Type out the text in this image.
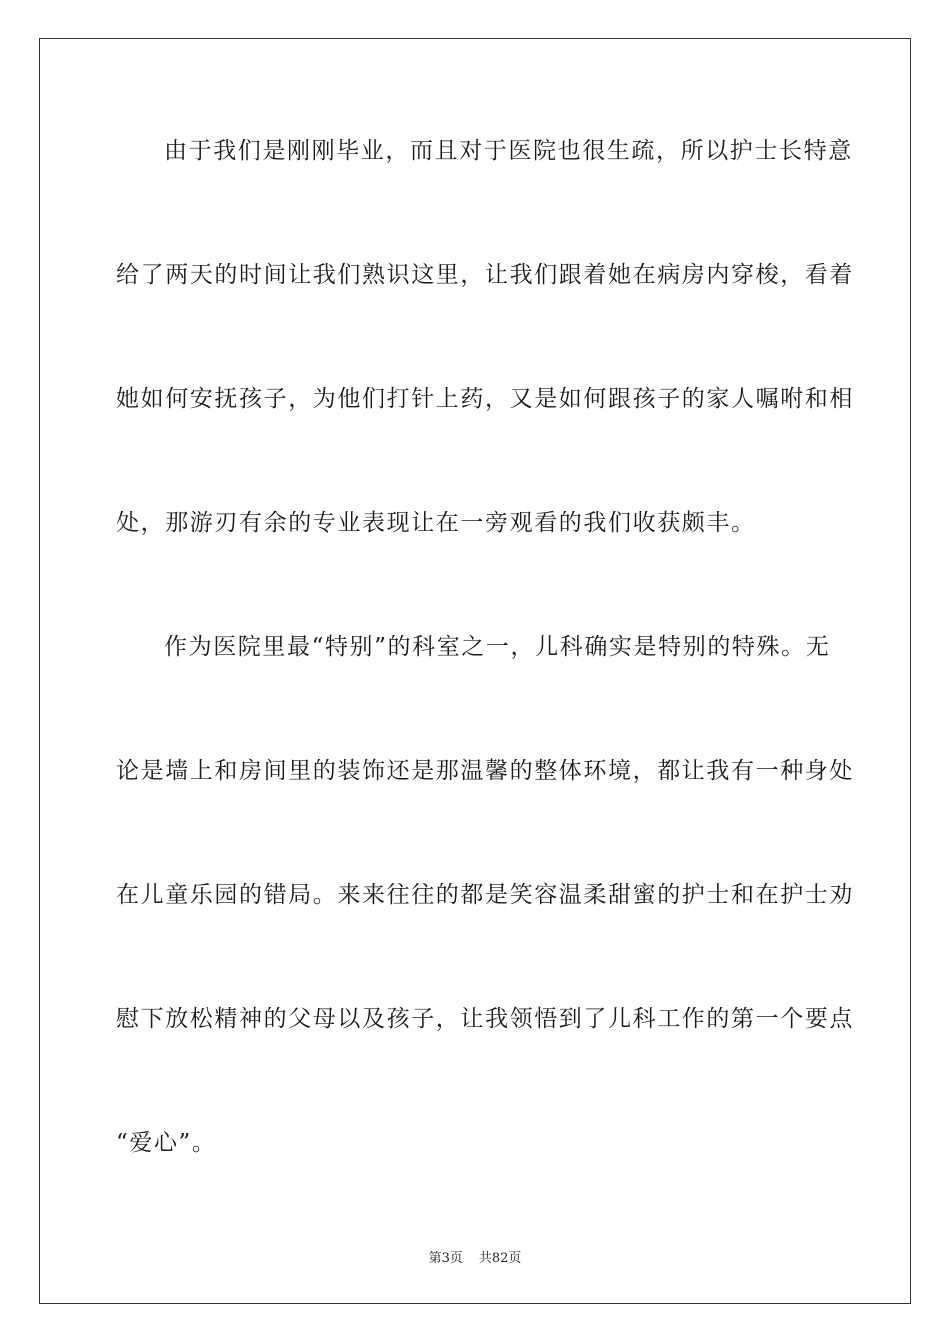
由于我们是刚刚毕业，而且对于医院也很生疏，所以护士长特意
给了两天的时间让我们熟识这里，让我们跟着她在病房内穿梭，看着
她如何安抚孩子，为他们打针上药，又是如何跟孩子的家人嘱咐和相
处，那游刃有余的专业表现让在一旁观看的我们收获颇丰。
作为医院里最“特别”的科室之一，儿科确实是特别的特殊。无
论是墙上和房间里的装饰还是那温馨的整体环境，都让我有一种身处
在儿童乐园的错局。来来往往的都是笑容温柔甜蜜的护士和在护士劝
慰下放松精神的父母以及孩子，让我领悟到了儿科工作的第一个要点
“爱心”。
第3页 共82页
